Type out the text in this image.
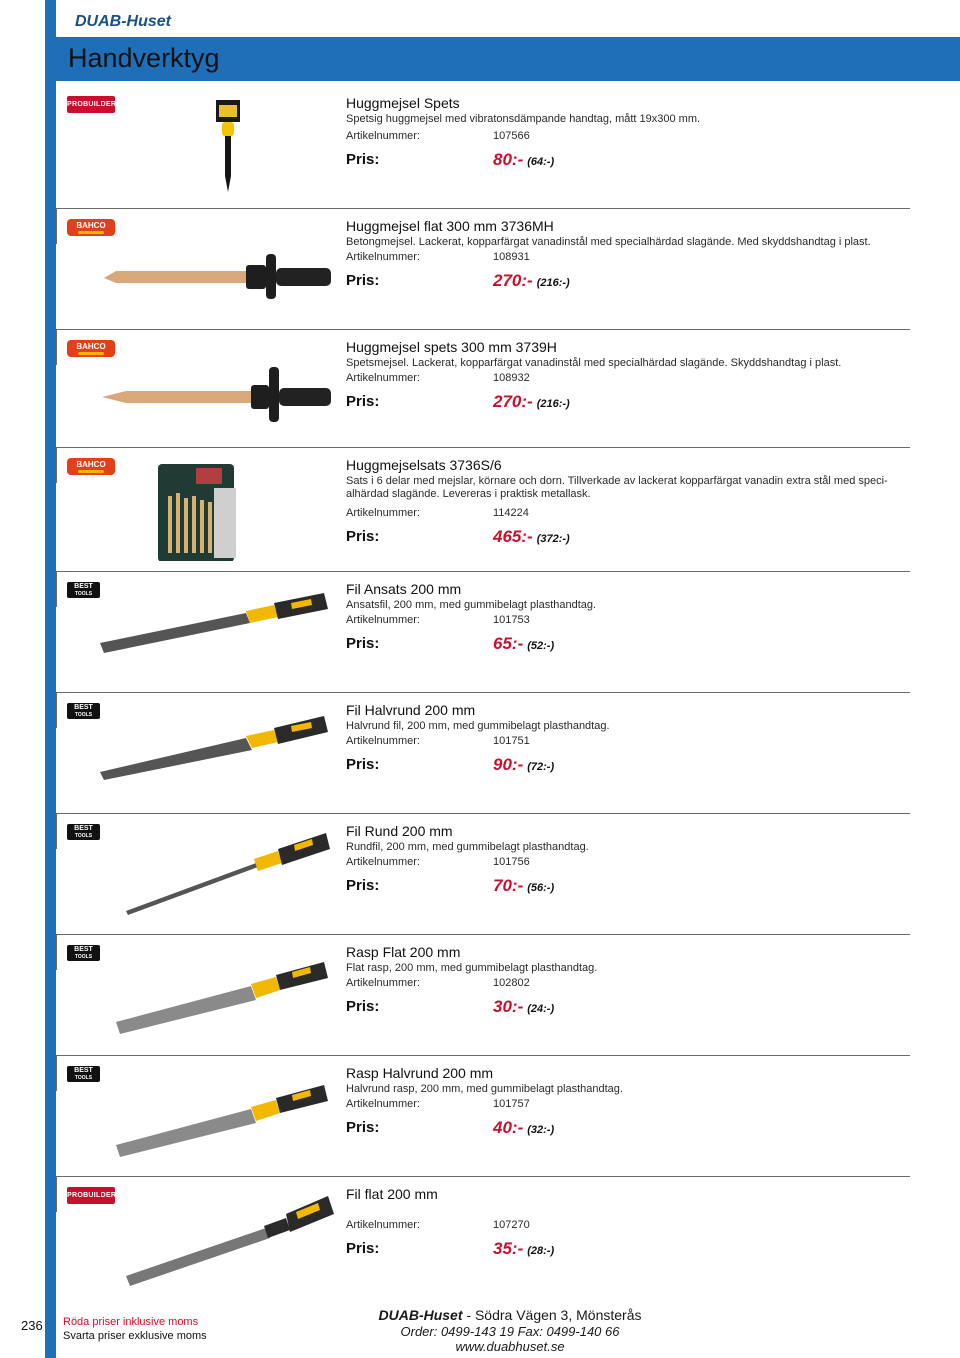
DUAB-Huset
Handverktyg
PROBUILDER	Huggmejsel Spets
Spetsig huggmejsel med vibratonsdämpande handtag, mått 19x300 mm.
Artikelnummer:	107566
Pris:	80:- (64:-)
BAHCO	Huggmejsel flat 300 mm 3736MH
Betongmejsel. Lackerat, kopparfärgat vanadinstål med specialhärdad slagände. Med skyddshandtag i plast.
Artikelnummer:	108931
Pris:	270:- (216:-)
BAHCO	Huggmejsel spets 300 mm 3739H
Spetsmejsel. Lackerat, kopparfärgat vanadinstål med specialhärdad slagände. Skyddshandtag i plast.
Artikelnummer:	108932
Pris:	270:- (216:-)
BAHCO	Huggmejselsats 3736S/6
Sats i 6 delar med mejslar, körnare och dorn. Tillverkade av lackerat kopparfärgat vanadin extra stål med speci-alhärdad slagände. Levereras i praktisk metallask.
Artikelnummer:	114224
Pris:	465:- (372:-)
BEST
TOOLS	Fil Ansats 200 mm
Ansatsfil, 200 mm, med gummibelagt plasthandtag.
Artikelnummer:	101753
Pris:	65:- (52:-)
BEST
TOOLS	Fil Halvrund 200 mm
Halvrund fil, 200 mm, med gummibelagt plasthandtag.
Artikelnummer:	101751
Pris:	90:- (72:-)
BEST
TOOLS	Fil Rund 200 mm
Rundfil, 200 mm, med gummibelagt plasthandtag.
Artikelnummer:	101756
Pris:	70:- (56:-)
BEST
TOOLS	Rasp Flat 200 mm
Flat rasp, 200 mm, med gummibelagt plasthandtag.
Artikelnummer:	102802
Pris:	30:- (24:-)
BEST
TOOLS	Rasp Halvrund 200 mm
Halvrund rasp, 200 mm, med gummibelagt plasthandtag.
Artikelnummer:	101757
Pris:	40:- (32:-)
PROBUILDER	Fil flat 200 mm
Artikelnummer:	107270
Pris:	35:- (28:-)
236 Röda priser inklusive moms
Svarta priser exklusive moms
DUAB-Huset - Södra Vägen 3, Mönsterås
Order: 0499-143 19 Fax: 0499-140 66
www.duabhuset.se
